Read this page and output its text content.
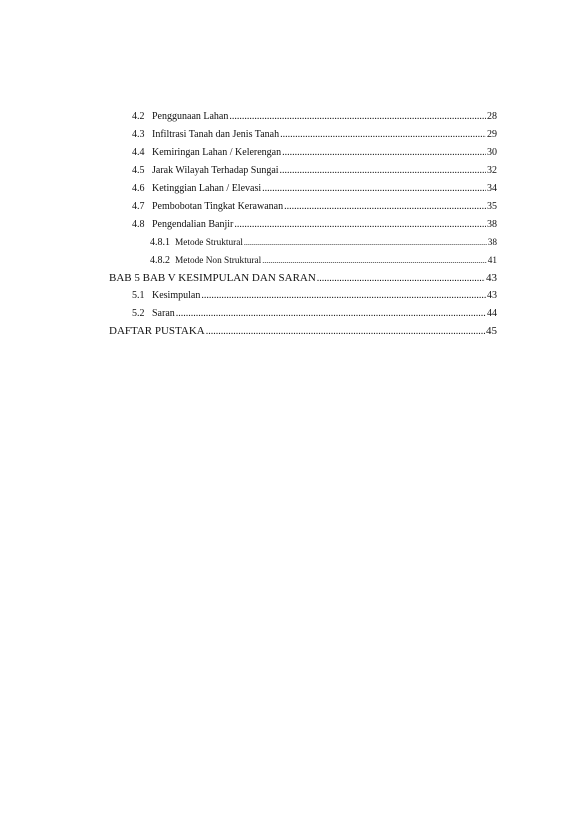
4.2 Penggunaan Lahan .....	28
4.3 Infiltrasi Tanah dan Jenis Tanah .....	29
4.4 Kemiringan Lahan / Kelerengan .....	30
4.5 Jarak Wilayah Terhadap Sungai .....	32
4.6 Ketinggian Lahan / Elevasi .....	34
4.7 Pembobotan Tingkat Kerawanan .....	35
4.8 Pengendalian Banjir .....	38
4.8.1 Metode Struktural .....	38
4.8.2 Metode Non Struktural .....	41
BAB 5 BAB V KESIMPULAN DAN SARAN .....	43
5.1 Kesimpulan .....	43
5.2 Saran .....	44
DAFTAR PUSTAKA .....	45
